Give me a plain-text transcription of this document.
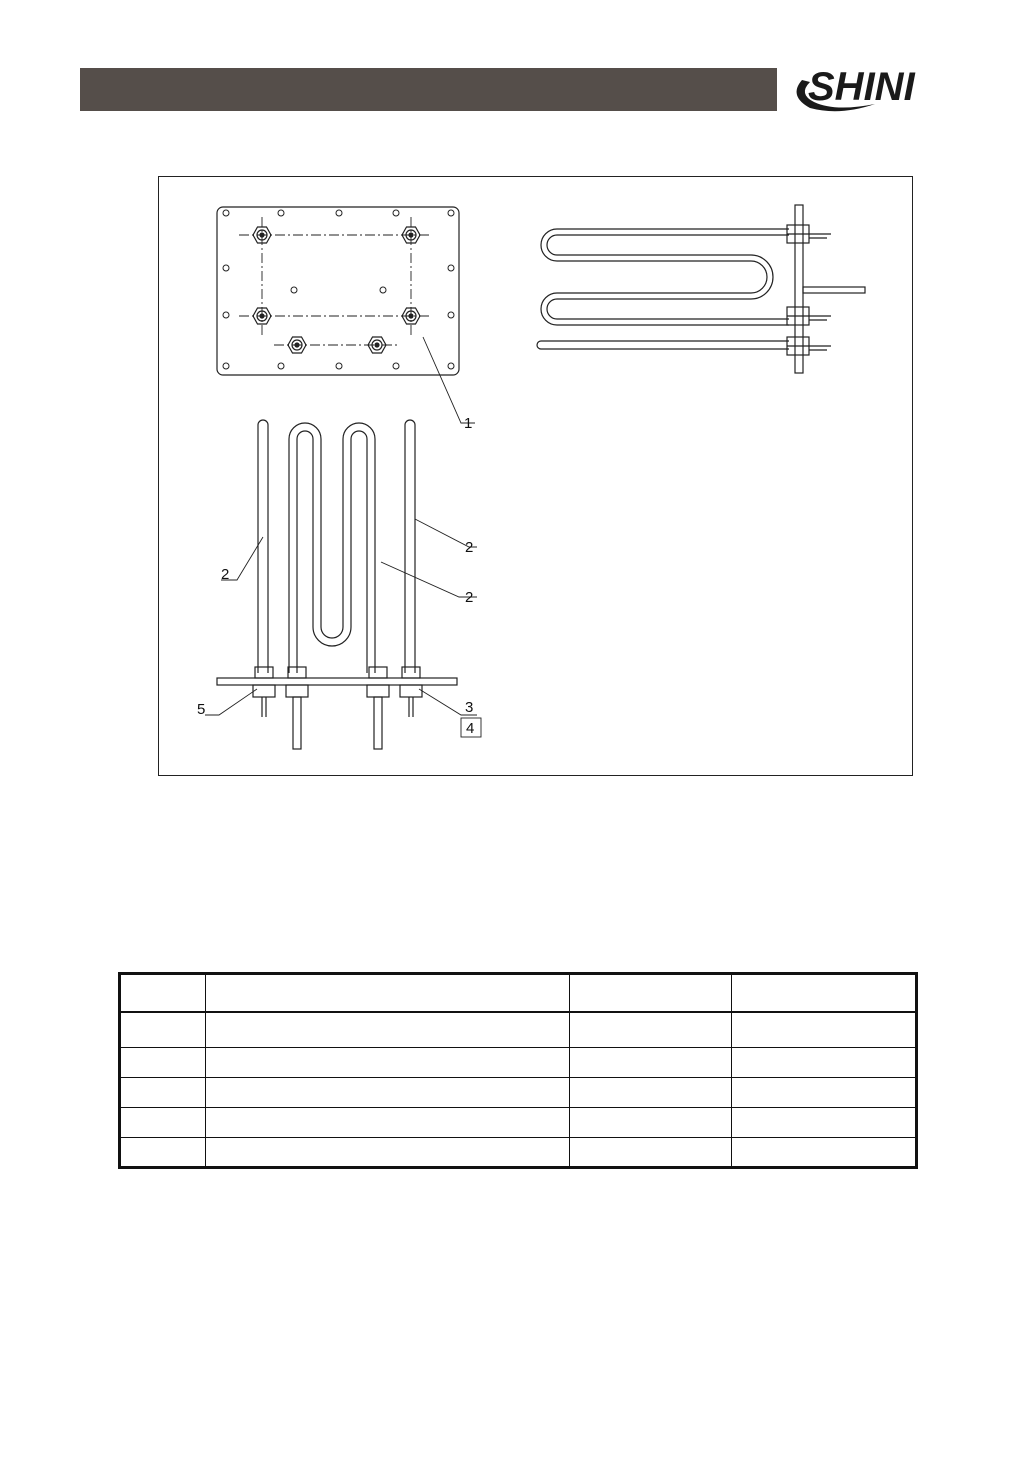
SHINI
1
2
2
2
3
4
5
